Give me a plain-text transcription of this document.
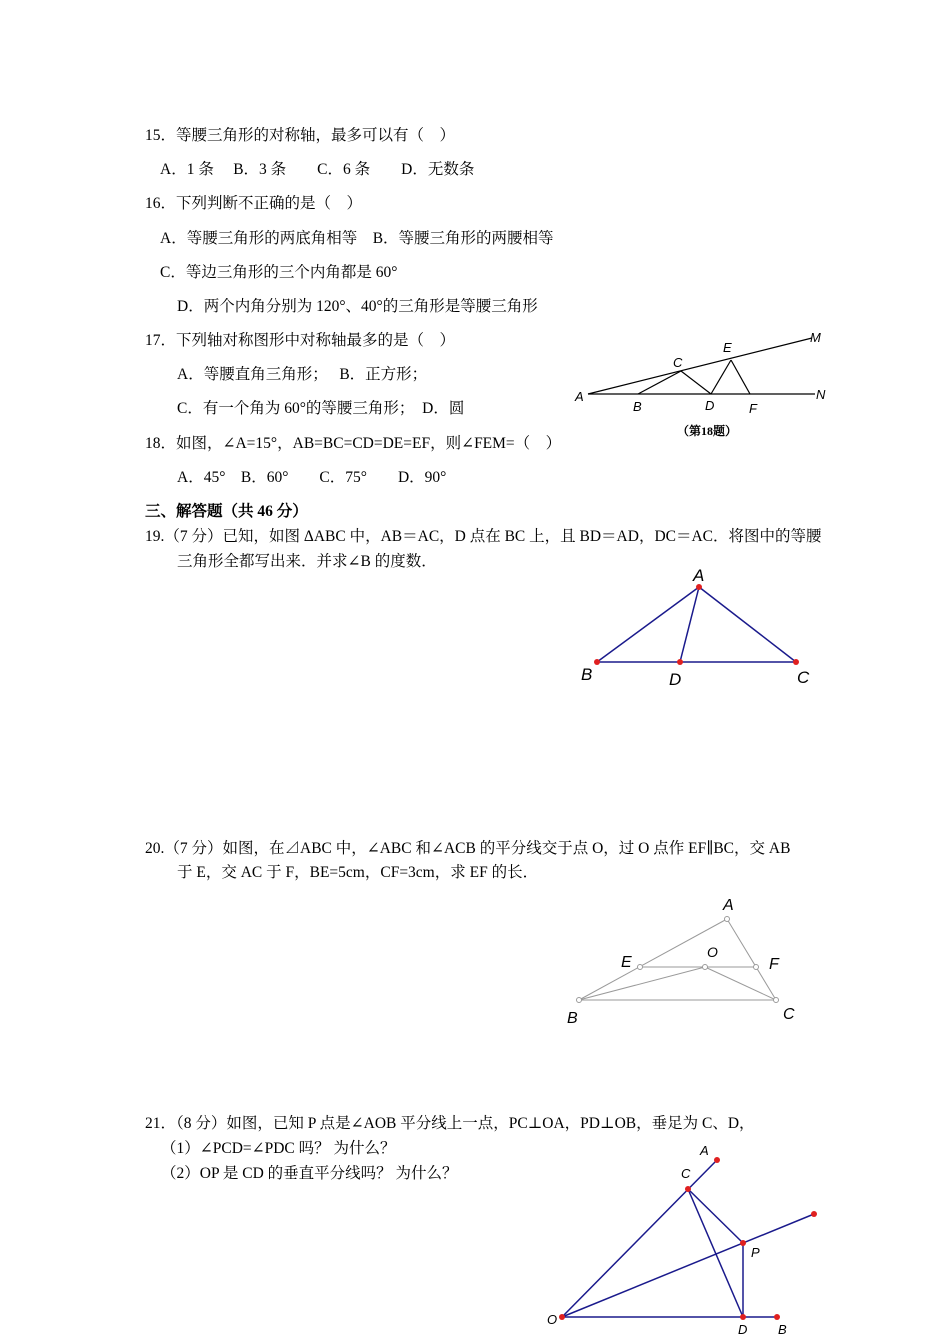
15．等腰三角形的对称轴，最多可以有（　）
A．1 条　 B．3 条　　C．6 条　　D．无数条
16．下列判断不正确的是（　）
A．等腰三角形的两底角相等　B．等腰三角形的两腰相等
C．等边三角形的三个内角都是 60°
D．两个内角分别为 120°、40°的三角形是等腰三角形
17．下列轴对称图形中对称轴最多的是（　）
A．等腰直角三角形；　 B．正方形；
C．有一个角为 60°的等腰三角形；　D．圆
18．如图，∠A=15°，AB=BC=CD=DE=EF，则∠FEM=（　）
A．45°　B．60°　　C．75°　　D．90°
M
E
C
A
B	D	F
N
（第18题）
三、解答题（共 46 分）
19.（7 分）已知，如图 ΔABC 中，AB＝AC，D 点在 BC 上，且 BD＝AD，DC＝AC．将图中的等腰
三角形全都写出来．并求∠B 的度数．
A
B	D	C
20.（7 分）如图，在⊿ABC 中，∠ABC 和∠ACB 的平分线交于点 O，过 O 点作 EF∥BC，交 AB
于 E，交 AC 于 F，BE=5cm，CF=3cm，求 EF 的长．
A
O
E	F
B	C
21．（8 分）如图，已知 P 点是∠AOB 平分线上一点，PC⊥OA，PD⊥OB，垂足为 C、D，
（1）∠PCD=∠PDC 吗？ 为什么？
（2）OP 是 CD 的垂直平分线吗？ 为什么？
A
C
P
O
D B
